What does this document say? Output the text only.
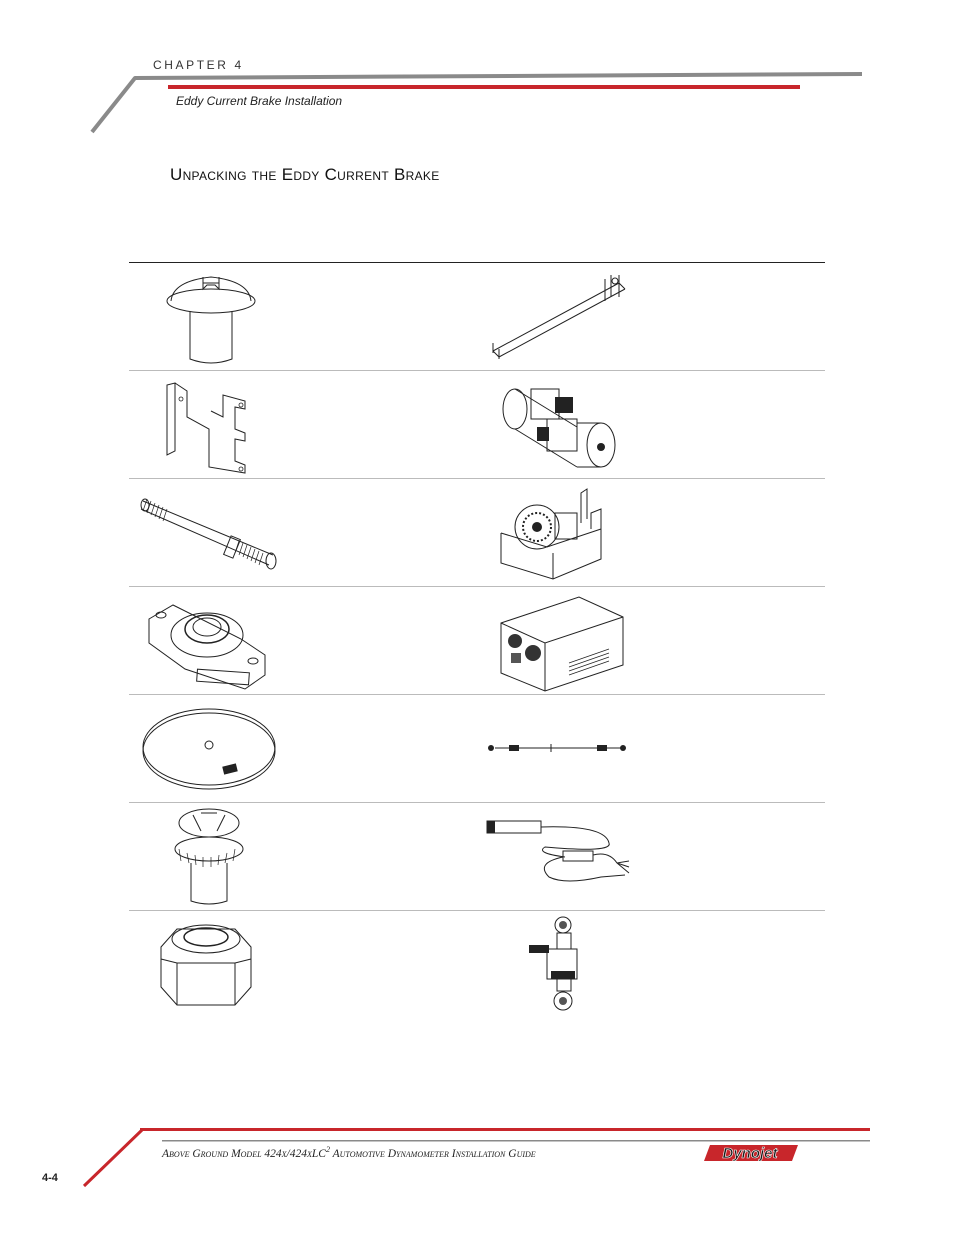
CHAPTER 4
Eddy Current Brake Installation
Unpacking the Eddy Current Brake
Above Ground Model 424x/424xLC$^2$ Automotive Dynamometer Installation Guide
4-4
Dynojet
